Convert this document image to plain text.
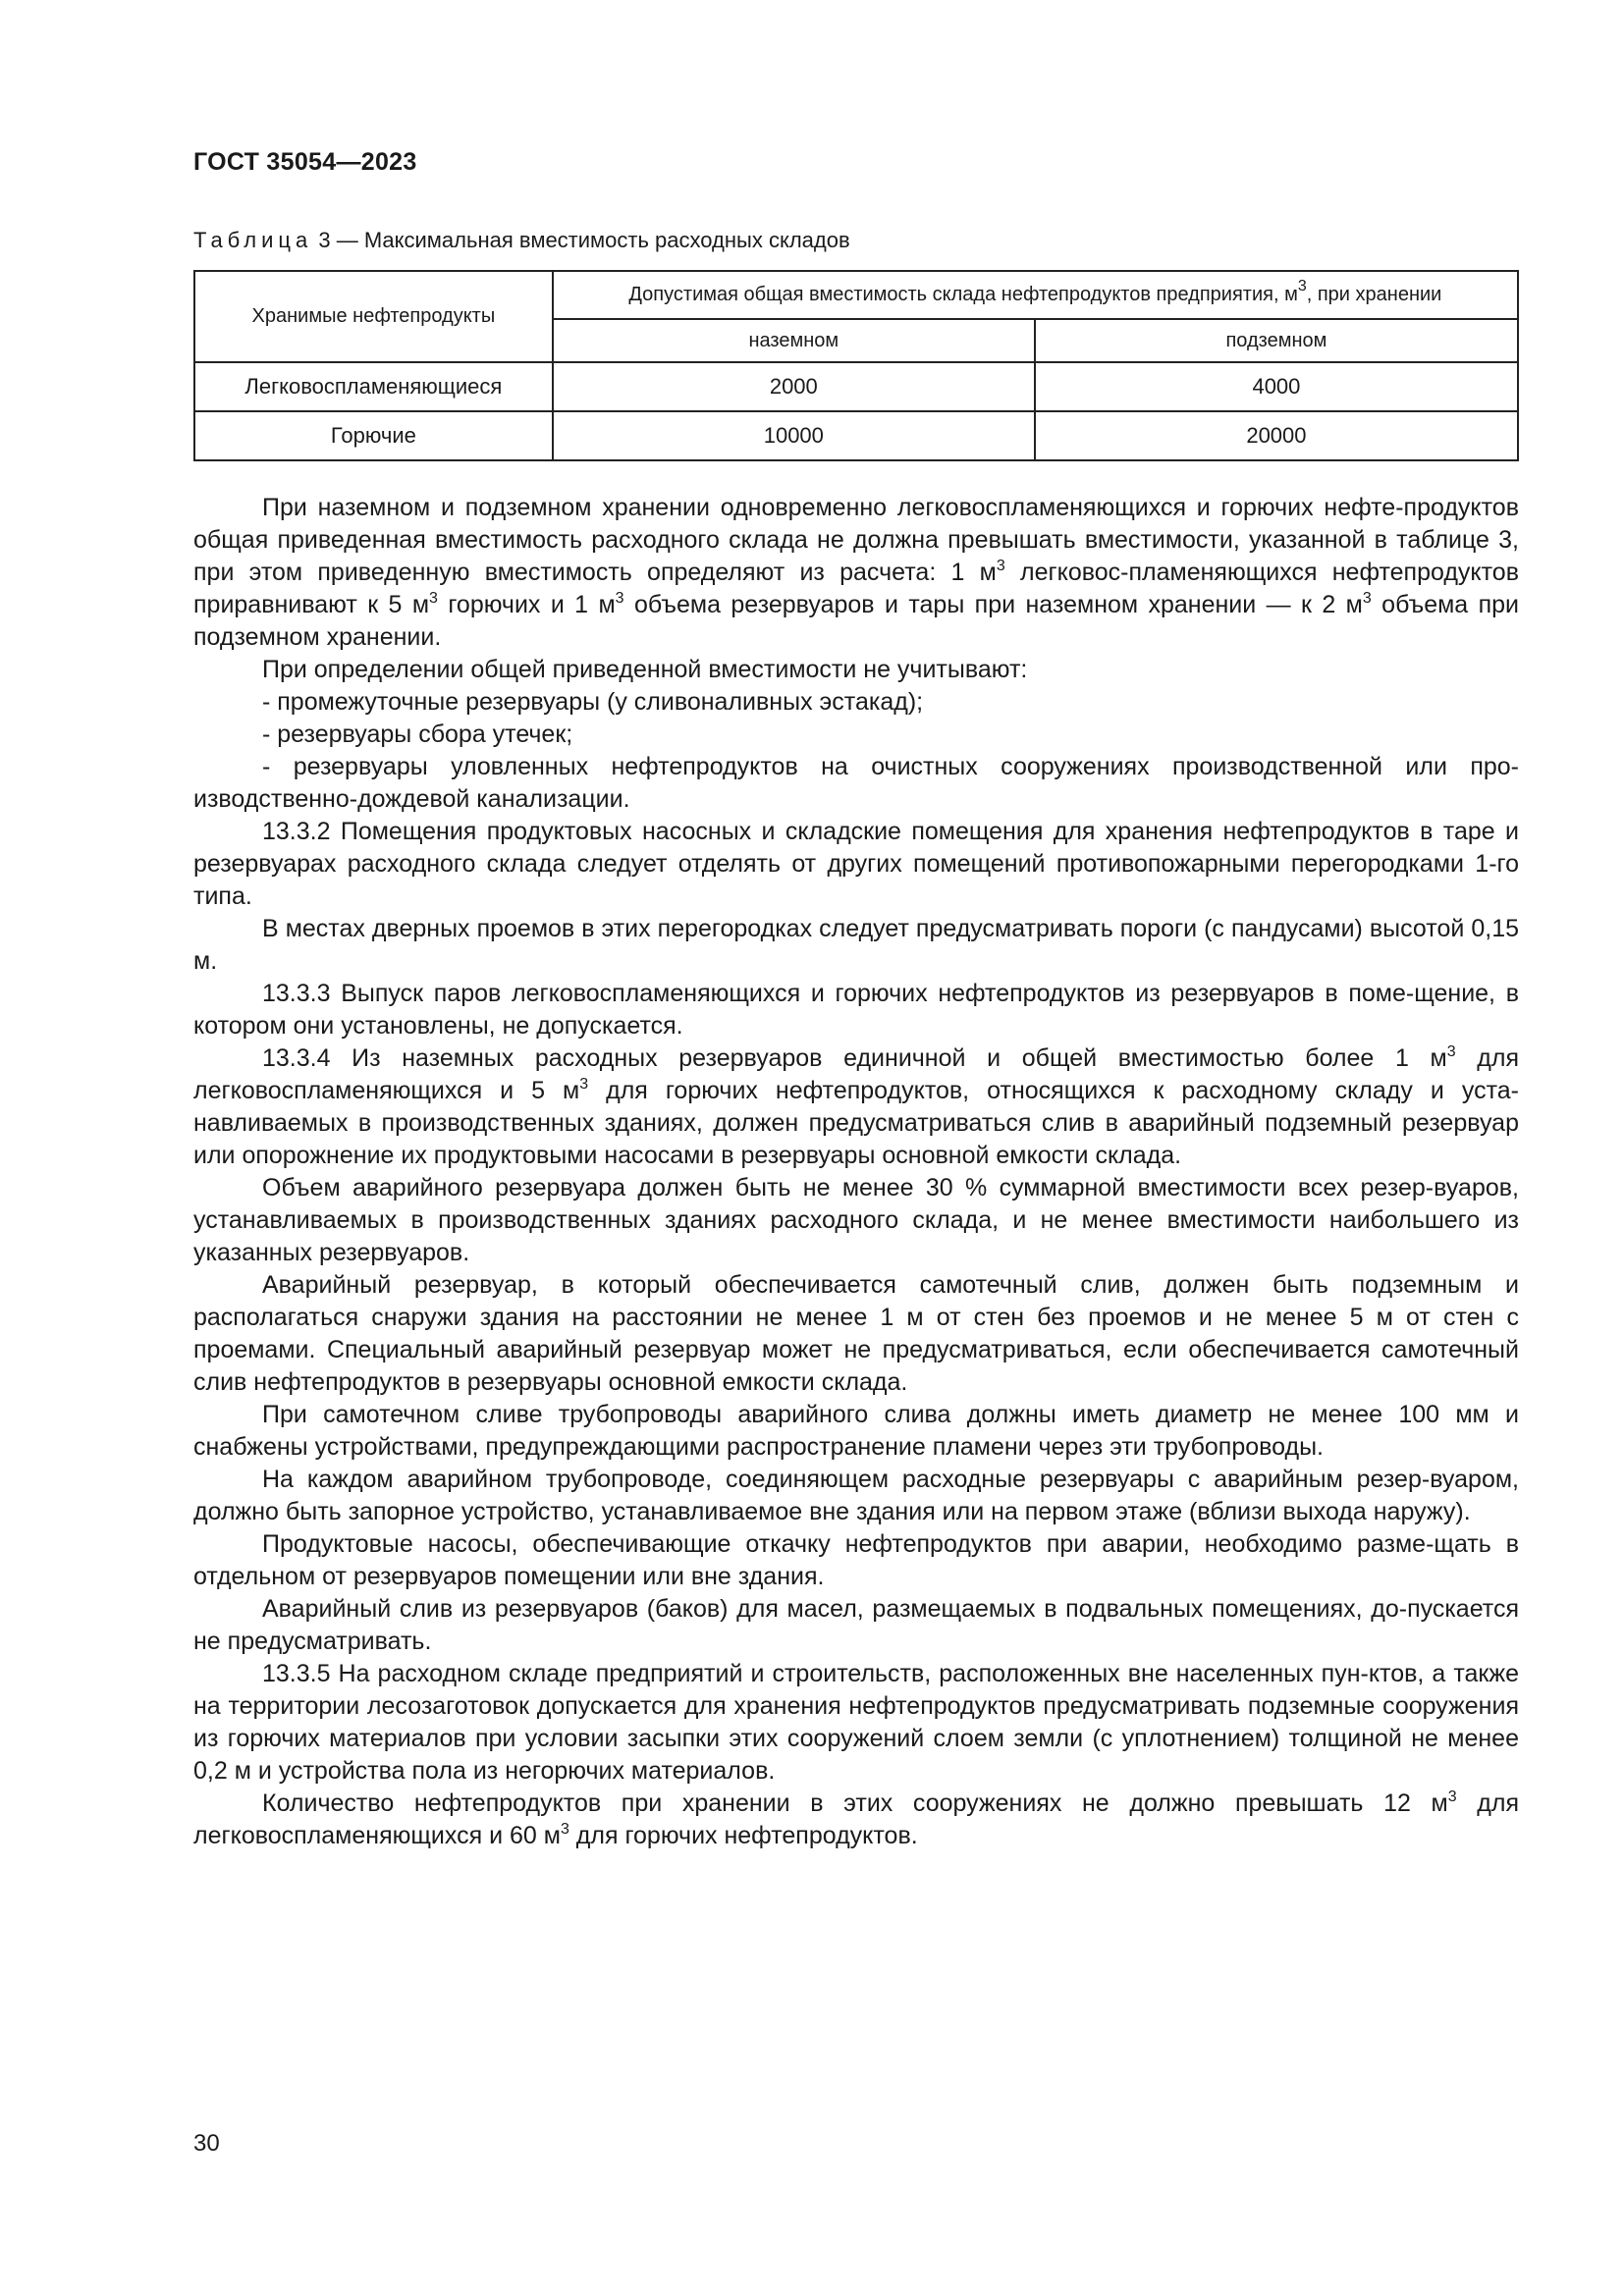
ГОСТ 35054—2023
Таблица 3 — Максимальная вместимость расходных складов
Хранимые нефтепродукты	Допустимая общая вместимость склада нефтепродуктов предприятия, $м^3$, при хранении	
	наземном	подземном
Легковоспламеняющиеся	2000	4000
Горючие	10000	20000

При наземном и подземном хранении одновременно легковоспламеняющихся и горючих нефте-продуктов общая приведенная вместимость расходного склада не должна превышать вместимости, указанной в таблице 3, при этом приведенную вместимость определяют из расчета: 1 $м^3$ легковос-пламеняющихся нефтепродуктов приравнивают к 5 $м^3$ горючих и 1 $м^3$ объема резервуаров и тары при наземном хранении — к 2 $м^3$ объема при подземном хранении.

При определении общей приведенной вместимости не учитывают:

- промежуточные резервуары (у сливоналивных эстакад);

- резервуары сбора утечек;

- резервуары уловленных нефтепродуктов на очистных сооружениях производственной или про-изводственно-дождевой канализации.

13.3.2 Помещения продуктовых насосных и складские помещения для хранения нефтепродуктов в таре и резервуарах расходного склада следует отделять от других помещений противопожарными перегородками 1-го типа.

В местах дверных проемов в этих перегородках следует предусматривать пороги (с пандусами) высотой 0,15 м.

13.3.3 Выпуск паров легковоспламеняющихся и горючих нефтепродуктов из резервуаров в поме-щение, в котором они установлены, не допускается.

13.3.4 Из наземных расходных резервуаров единичной и общей вместимостью более 1 $м^3$ для легковоспламеняющихся и 5 $м^3$ для горючих нефтепродуктов, относящихся к расходному складу и уста-навливаемых в производственных зданиях, должен предусматриваться слив в аварийный подземный резервуар или опорожнение их продуктовыми насосами в резервуары основной емкости склада.

Объем аварийного резервуара должен быть не менее 30 % суммарной вместимости всех резер-вуаров, устанавливаемых в производственных зданиях расходного склада, и не менее вместимости наибольшего из указанных резервуаров.

Аварийный резервуар, в который обеспечивается самотечный слив, должен быть подземным и располагаться снаружи здания на расстоянии не менее 1 м от стен без проемов и не менее 5 м от стен с проемами. Специальный аварийный резервуар может не предусматриваться, если обеспечивается самотечный слив нефтепродуктов в резервуары основной емкости склада.

При самотечном сливе трубопроводы аварийного слива должны иметь диаметр не менее 100 мм и снабжены устройствами, предупреждающими распространение пламени через эти трубопроводы.

На каждом аварийном трубопроводе, соединяющем расходные резервуары с аварийным резер-вуаром, должно быть запорное устройство, устанавливаемое вне здания или на первом этаже (вблизи выхода наружу).

Продуктовые насосы, обеспечивающие откачку нефтепродуктов при аварии, необходимо разме-щать в отдельном от резервуаров помещении или вне здания.

Аварийный слив из резервуаров (баков) для масел, размещаемых в подвальных помещениях, до-пускается не предусматривать.

13.3.5 На расходном складе предприятий и строительств, расположенных вне населенных пун-ктов, а также на территории лесозаготовок допускается для хранения нефтепродуктов предусматривать подземные сооружения из горючих материалов при условии засыпки этих сооружений слоем земли (с уплотнением) толщиной не менее 0,2 м и устройства пола из негорючих материалов.

Количество нефтепродуктов при хранении в этих сооружениях не должно превышать 12 $м^3$ для легковоспламеняющихся и 60 $м^3$ для горючих нефтепродуктов.

30
